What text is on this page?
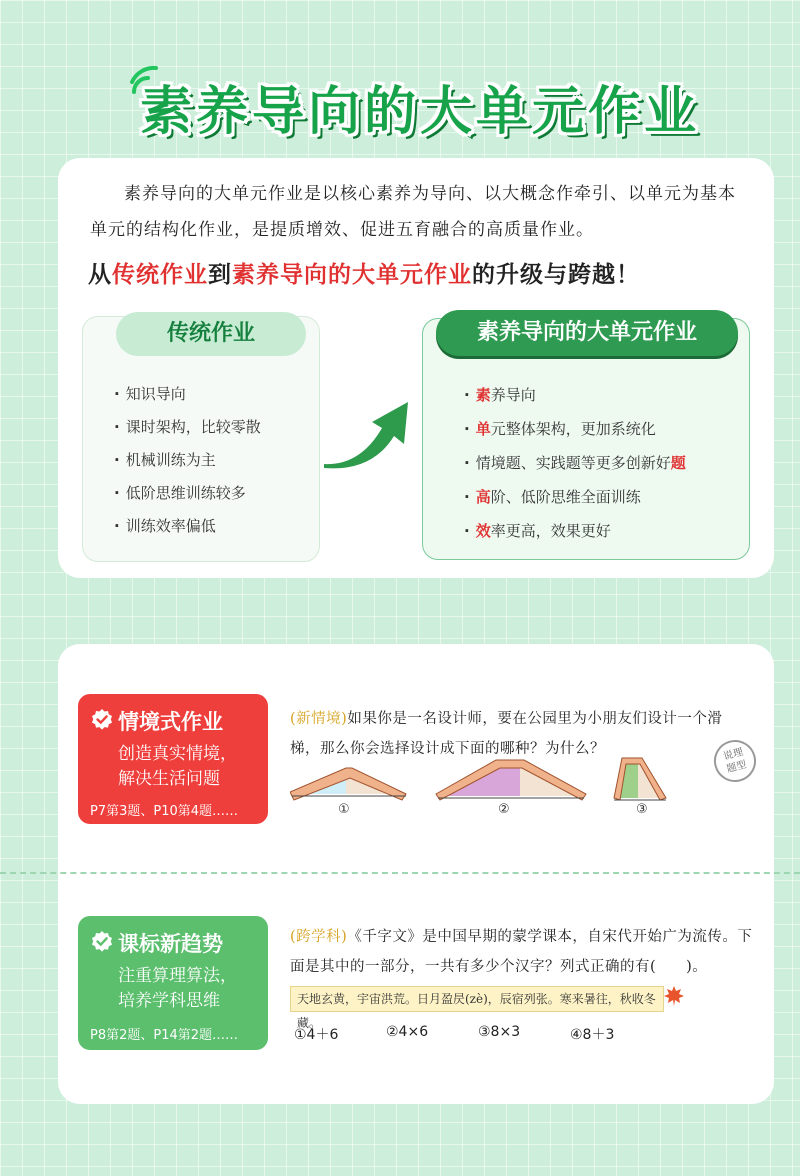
素养导向的大单元作业
素养导向的大单元作业是以核心素养为导向、以大概念作牵引、以单元为基本单元的结构化作业，是提质增效、促进五育融合的高质量作业。
从传统作业到素养导向的大单元作业的升级与跨越！
传统作业
· 知识导向
· 课时架构，比较零散
· 机械训练为主
· 低阶思维训练较多
· 训练效率偏低
素养导向的大单元作业
· 素养导向
· 单元整体架构，更加系统化
· 情境题、实践题等更多创新好题
· 高阶、低阶思维全面训练
· 效率更高，效果更好
情境式作业
创造真实情境，
解决生活问题
P7第3题、P10第4题……
(新情境)如果你是一名设计师，要在公园里为小朋友们设计一个滑
梯，那么你会选择设计成下面的哪种？为什么？	说理
题型
①	②	③
课标新趋势
注重算理算法，
培养学科思维
P8第2题、P14第2题……
(跨学科)《千字文》是中国早期的蒙学课本，自宋代开始广为流传。下
面是其中的一部分，一共有多少个汉字？列式正确的有(　　)。
天地玄黄，宇宙洪荒。日月盈昃(zè)，辰宿列张。寒来暑往，秋收冬藏。
①4＋6	②4×6	③8×3	④8＋3
